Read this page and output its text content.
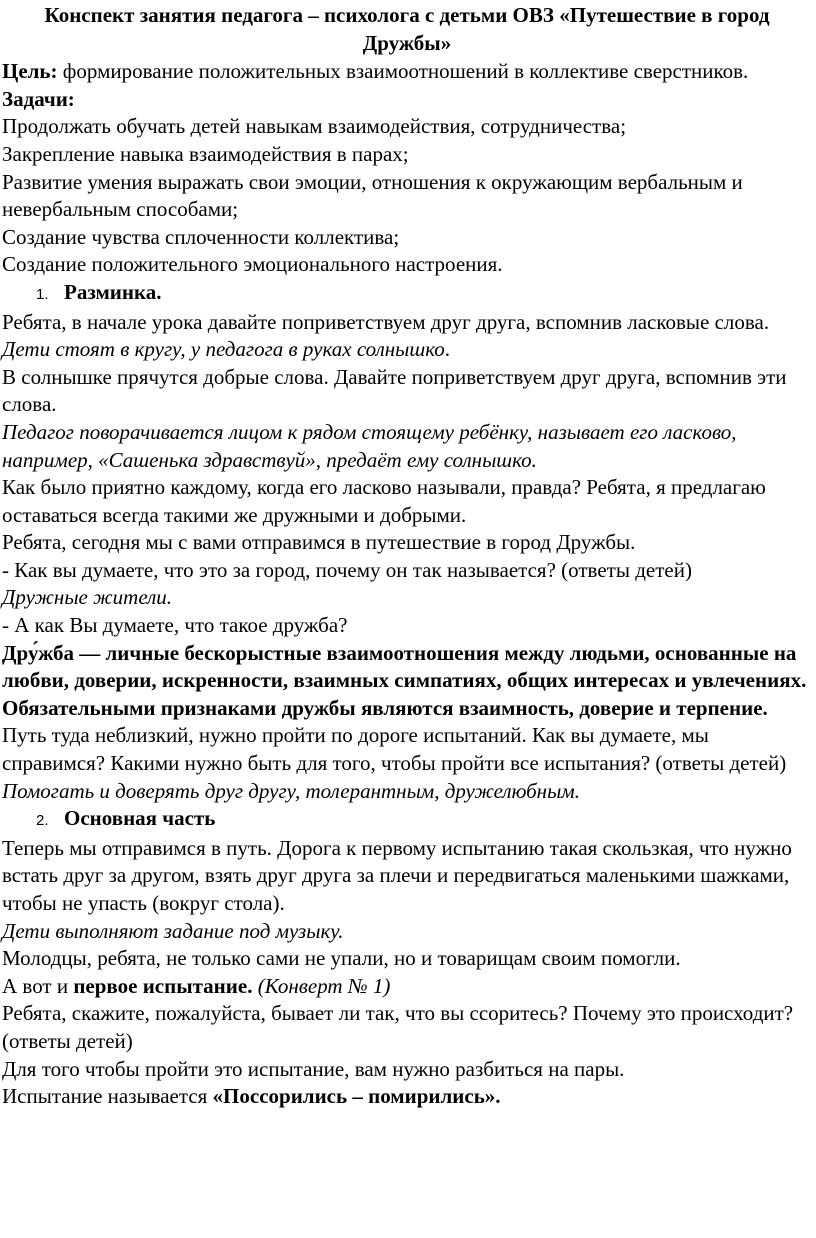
Конспект занятия педагога – психолога с детьми ОВЗ «Путешествие в город Дружбы»

Цель: формирование положительных взаимоотношений в коллективе сверстников.

Задачи:

Продолжать обучать детей навыкам взаимодействия, сотрудничества;

Закрепление навыка взаимодействия в парах;

Развитие умения выражать свои эмоции, отношения к окружающим вербальным и невербальным способами;

Создание чувства сплоченности коллектива;

Создание положительного эмоционального настроения.

1. Разминка.

Ребята, в начале урока давайте поприветствуем друг друга, вспомнив ласковые слова.

Дети стоят в кругу, у педагога в руках солнышко.

В солнышке прячутся добрые слова. Давайте поприветствуем друг друга, вспомнив эти слова.

Педагог поворачивается лицом к рядом стоящему ребёнку, называет его ласково, например, «Сашенька здравствуй», предаёт ему солнышко.

Как было приятно каждому, когда его ласково называли, правда? Ребята, я предлагаю оставаться всегда такими же дружными и добрыми.

Ребята, сегодня мы с вами отправимся в путешествие в город Дружбы.

- Как вы думаете, что это за город, почему он так называется? (ответы детей)

Дружные жители.

- А как Вы думаете, что такое дружба?

Дру́жба — личные бескорыстные взаимоотношения между людьми, основанные на любви, доверии, искренности, взаимных симпатиях, общих интересах и увлечениях. Обязательными признаками дружбы являются взаимность, доверие и терпение.

Путь туда неблизкий, нужно пройти по дороге испытаний. Как вы думаете, мы справимся? Какими нужно быть для того, чтобы пройти все испытания? (ответы детей)

Помогать и доверять друг другу, толерантным, дружелюбным.

2. Основная часть

Теперь мы отправимся в путь. Дорога к первому испытанию такая скользкая, что нужно встать друг за другом, взять друг друга за плечи и передвигаться маленькими шажками, чтобы не упасть (вокруг стола).

Дети выполняют задание под музыку.

Молодцы, ребята, не только сами не упали, но и товарищам своим помогли.

А вот и первое испытание. (Конверт № 1)

Ребята, скажите, пожалуйста, бывает ли так, что вы ссоритесь? Почему это происходит? (ответы детей)

Для того чтобы пройти это испытание, вам нужно разбиться на пары.

Испытание называется «Поссорились – помирились».
